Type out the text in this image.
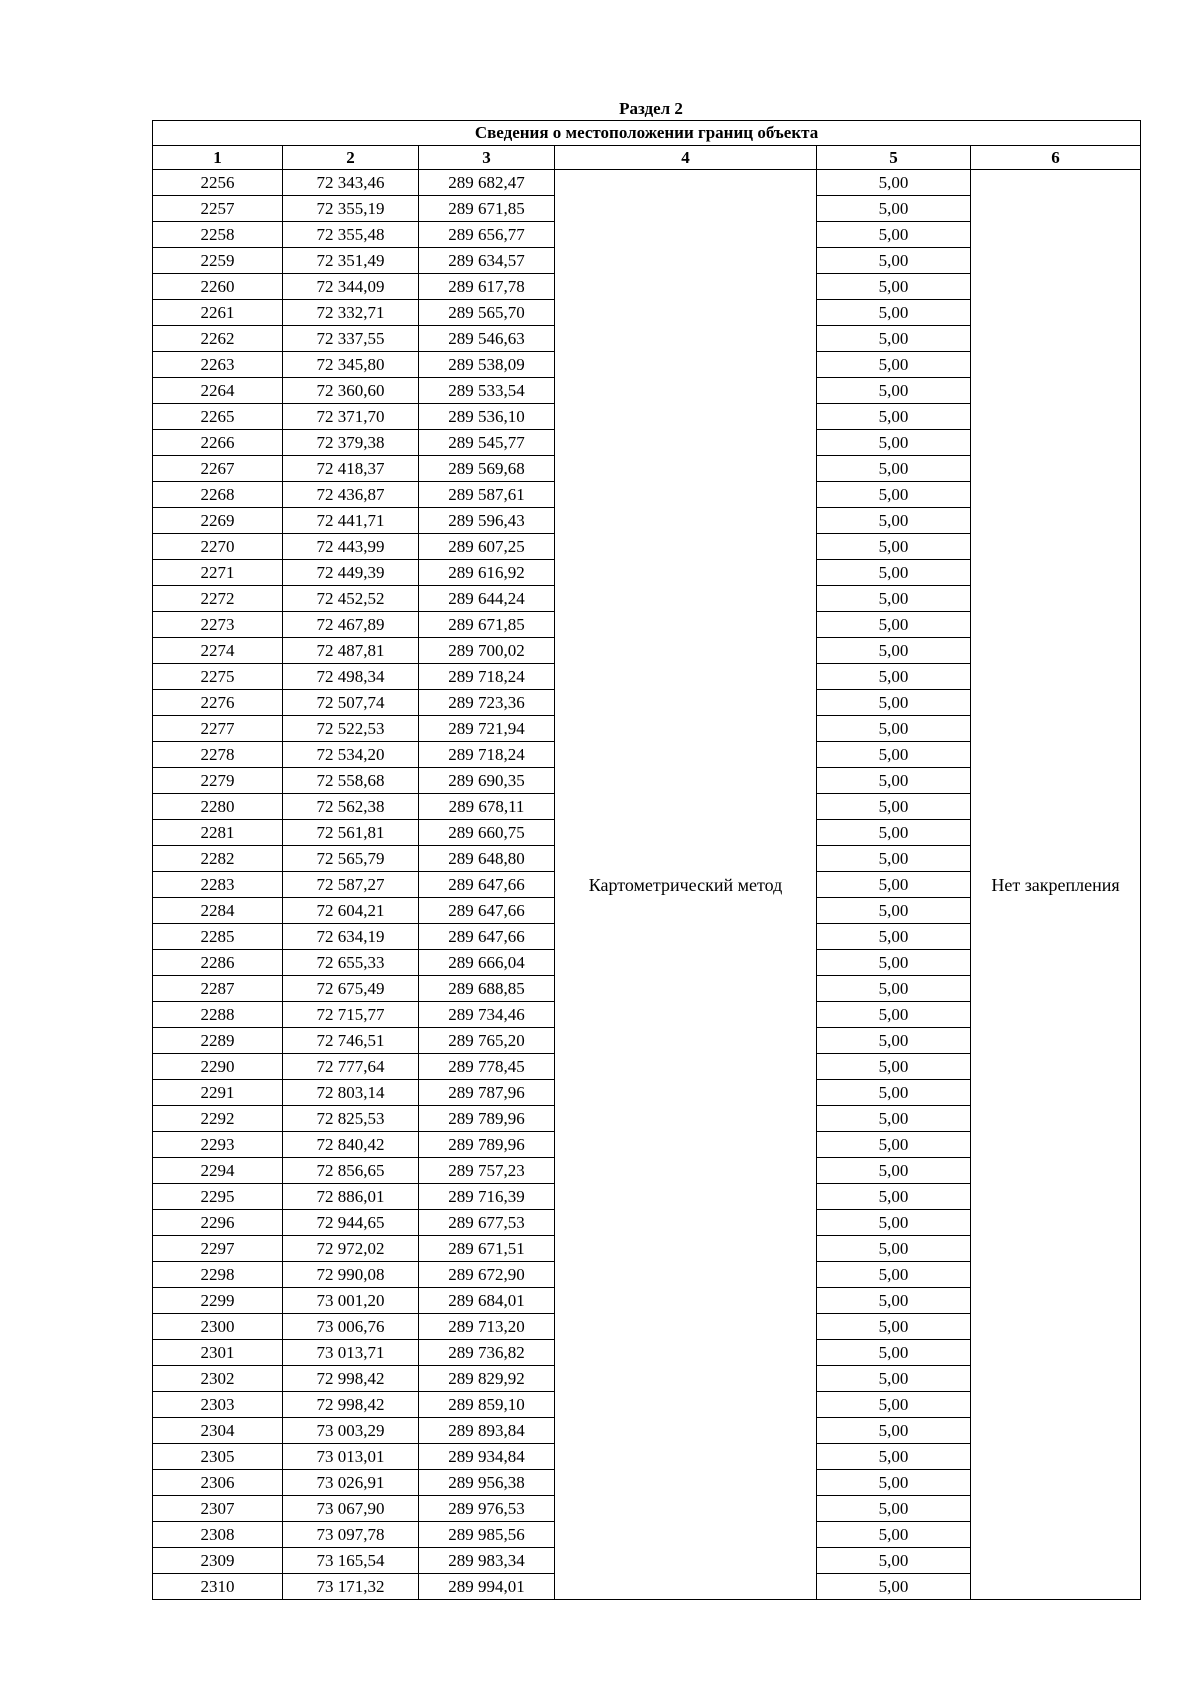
Раздел 2
Сведения о местоположении границ объекта					
1	2	3	4	5	6
2256	72 343,46	289 682,47	Картометрический метод	5,00	Нет закрепления
2257	72 355,19	289 671,85		5,00	
2258	72 355,48	289 656,77		5,00	
2259	72 351,49	289 634,57		5,00	
2260	72 344,09	289 617,78		5,00	
2261	72 332,71	289 565,70		5,00	
2262	72 337,55	289 546,63		5,00	
2263	72 345,80	289 538,09		5,00	
2264	72 360,60	289 533,54		5,00	
2265	72 371,70	289 536,10		5,00	
2266	72 379,38	289 545,77		5,00	
2267	72 418,37	289 569,68		5,00	
2268	72 436,87	289 587,61		5,00	
2269	72 441,71	289 596,43		5,00	
2270	72 443,99	289 607,25		5,00	
2271	72 449,39	289 616,92		5,00	
2272	72 452,52	289 644,24		5,00	
2273	72 467,89	289 671,85		5,00	
2274	72 487,81	289 700,02		5,00	
2275	72 498,34	289 718,24		5,00	
2276	72 507,74	289 723,36		5,00	
2277	72 522,53	289 721,94		5,00	
2278	72 534,20	289 718,24		5,00	
2279	72 558,68	289 690,35		5,00	
2280	72 562,38	289 678,11		5,00	
2281	72 561,81	289 660,75		5,00	
2282	72 565,79	289 648,80		5,00	
2283	72 587,27	289 647,66		5,00	
2284	72 604,21	289 647,66		5,00	
2285	72 634,19	289 647,66		5,00	
2286	72 655,33	289 666,04		5,00	
2287	72 675,49	289 688,85		5,00	
2288	72 715,77	289 734,46		5,00	
2289	72 746,51	289 765,20		5,00	
2290	72 777,64	289 778,45		5,00	
2291	72 803,14	289 787,96		5,00	
2292	72 825,53	289 789,96		5,00	
2293	72 840,42	289 789,96		5,00	
2294	72 856,65	289 757,23		5,00	
2295	72 886,01	289 716,39		5,00	
2296	72 944,65	289 677,53		5,00	
2297	72 972,02	289 671,51		5,00	
2298	72 990,08	289 672,90		5,00	
2299	73 001,20	289 684,01		5,00	
2300	73 006,76	289 713,20		5,00	
2301	73 013,71	289 736,82		5,00	
2302	72 998,42	289 829,92		5,00	
2303	72 998,42	289 859,10		5,00	
2304	73 003,29	289 893,84		5,00	
2305	73 013,01	289 934,84		5,00	
2306	73 026,91	289 956,38		5,00	
2307	73 067,90	289 976,53		5,00	
2308	73 097,78	289 985,56		5,00	
2309	73 165,54	289 983,34		5,00	
2310	73 171,32	289 994,01		5,00	
